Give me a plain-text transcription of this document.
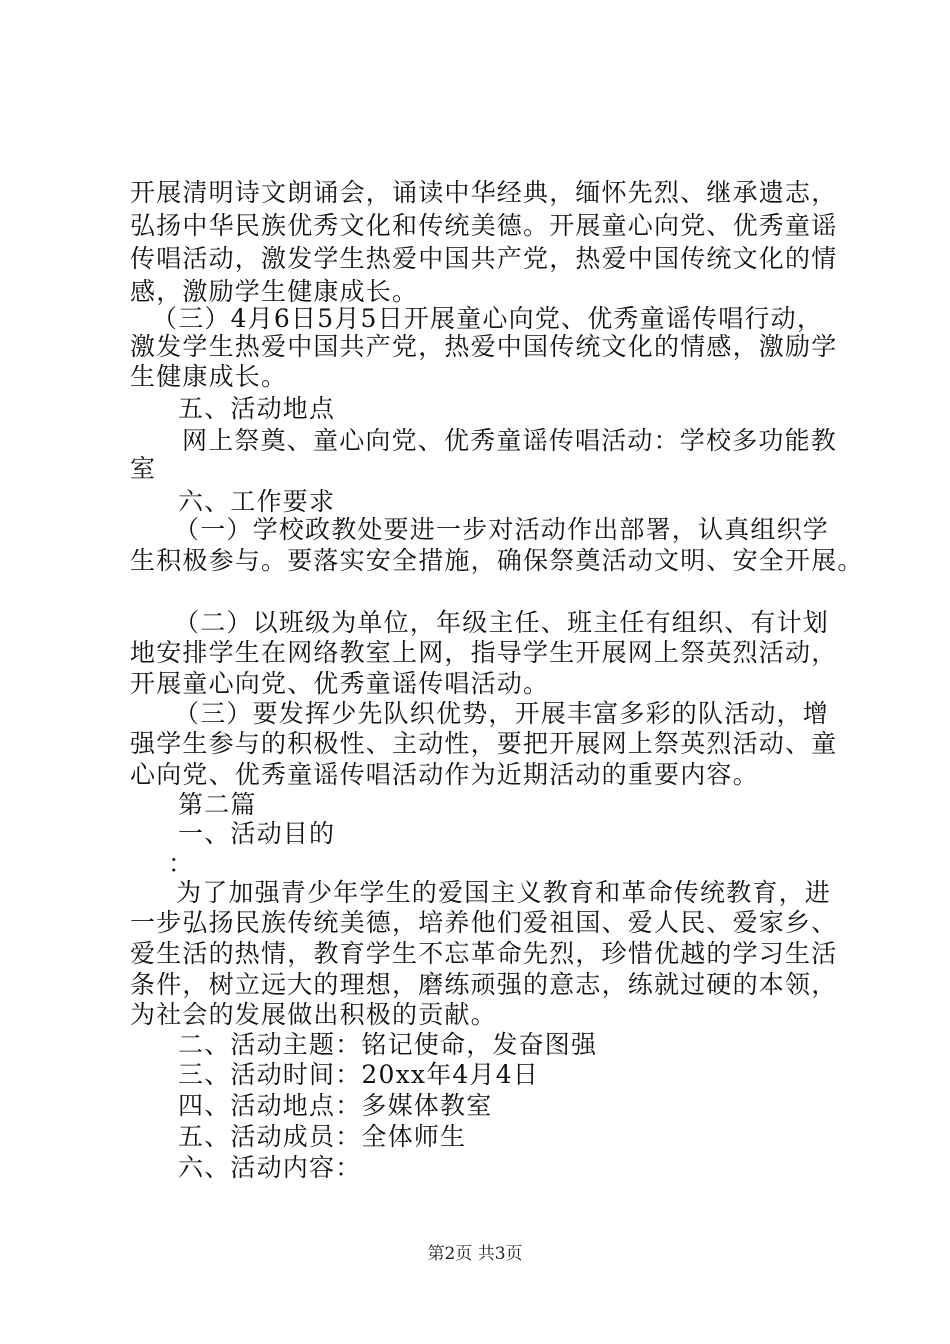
开展清明诗文朗诵会，诵读中华经典，缅怀先烈、继承遗志，
弘扬中华民族优秀文化和传统美德。开展童心向党、优秀童谣
传唱活动，激发学生热爱中国共产党，热爱中国传统文化的情
感，激励学生健康成长。
（三）4月6日5月5日开展童心向党、优秀童谣传唱行动，
激发学生热爱中国共产党，热爱中国传统文化的情感，激励学
生健康成长。
五、活动地点
网上祭奠、童心向党、优秀童谣传唱活动：学校多功能教
室
六、工作要求
（一）学校政教处要进一步对活动作出部署，认真组织学
生积极参与。要落实安全措施，确保祭奠活动文明、安全开展。
（二）以班级为单位，年级主任、班主任有组织、有计划
地安排学生在网络教室上网，指导学生开展网上祭英烈活动，
开展童心向党、优秀童谣传唱活动。
（三）要发挥少先队织优势，开展丰富多彩的队活动，增
强学生参与的积极性、主动性，要把开展网上祭英烈活动、童
心向党、优秀童谣传唱活动作为近期活动的重要内容。
第二篇
一、活动目的
：
为了加强青少年学生的爱国主义教育和革命传统教育，进
一步弘扬民族传统美德，培养他们爱祖国、爱人民、爱家乡、
爱生活的热情，教育学生不忘革命先烈，珍惜优越的学习生活
条件，树立远大的理想，磨练顽强的意志，练就过硬的本领，
为社会的发展做出积极的贡献。
二、活动主题：铭记使命，发奋图强
三、活动时间：20xx年4月4日
四、活动地点：多媒体教室
五、活动成员：全体师生
六、活动内容：
第2页 共3页
